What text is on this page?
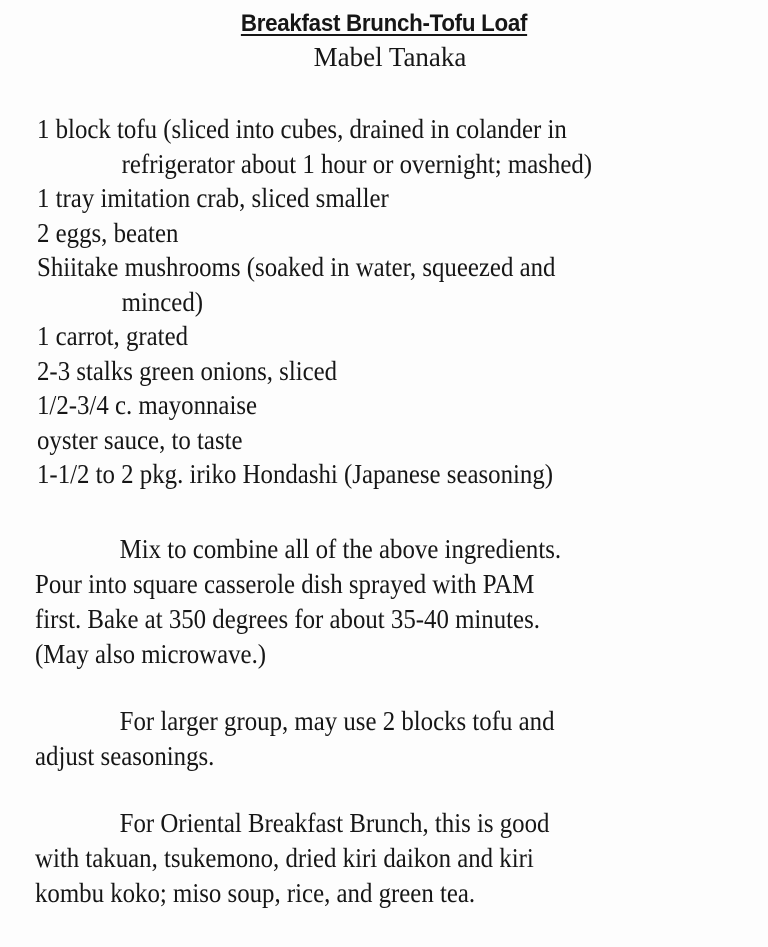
Breakfast Brunch-Tofu Loaf
Mabel Tanaka
1 block tofu (sliced into cubes, drained in colander in
refrigerator about 1 hour or overnight; mashed)
1 tray imitation crab, sliced smaller
2 eggs, beaten
Shiitake mushrooms (soaked in water, squeezed and
minced)
1 carrot, grated
2-3 stalks green onions, sliced
1/2-3/4 c. mayonnaise
oyster sauce, to taste
1-1/2 to 2 pkg. iriko Hondashi (Japanese seasoning)
Mix to combine all of the above ingredients.
Pour into square casserole dish sprayed with PAM
first. Bake at 350 degrees for about 35-40 minutes.
(May also microwave.)
For larger group, may use 2 blocks tofu and
adjust seasonings.
For Oriental Breakfast Brunch, this is good
with takuan, tsukemono, dried kiri daikon and kiri
kombu koko; miso soup, rice, and green tea.
